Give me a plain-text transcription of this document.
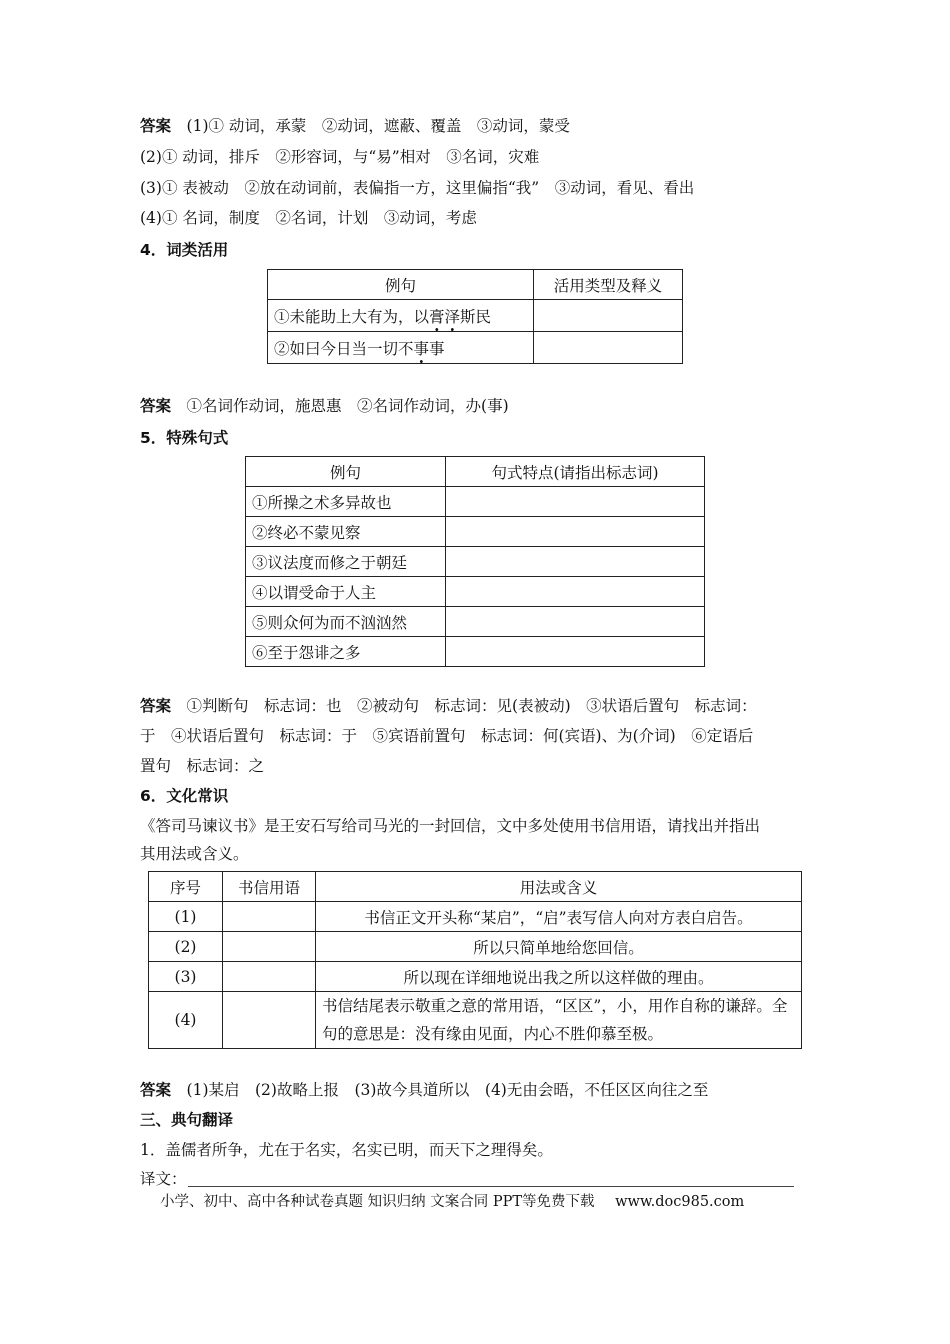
答案　 (1)① 动词，承蒙　②动词，遮蔽、覆盖　③动词，蒙受
(2)① 动词，排斥　②形容词，与“易”相对　③名词，灾难
(3)① 表被动　②放在动词前，表偏指一方，这里偏指“我”　③动词，看见、看出
(4)① 名词，制度　②名词，计划　③动词，考虑
4．词类活用
例句	活用类型及释义
①未能助上大有为，以膏泽斯民	
②如曰今日当一切不事事	
答案　 ①名词作动词，施恩惠　②名词作动词，办(事)
5．特殊句式
例句	句式特点(请指出标志词)
①所操之术多异故也	
②终必不蒙见察	
③议法度而修之于朝廷	
④以谓受命于人主	
⑤则众何为而不汹汹然	
⑥至于怨诽之多	
答案　 ①判断句　标志词：也　②被动句　标志词：见(表被动)　③状语后置句　标志词：
于　④状语后置句　标志词：于　⑤宾语前置句　标志词：何(宾语)、为(介词)　⑥定语后
置句　标志词：之
6．文化常识
《答司马谏议书》是王安石写给司马光的一封回信，文中多处使用书信用语，请找出并指出
其用法或含义。
序号	书信用语	用法或含义
(1)		书信正文开头称“某启”，“启”表写信人向对方表白启告。
(2)		所以只简单地给您回信。
(3)		所以现在详细地说出我之所以这样做的理由。
(4)		书信结尾表示敬重之意的常用语，“区区”，小，用作自称的谦辞。全句的意思是：没有缘由见面，内心不胜仰慕至极。
答案　 (1)某启　(2)故略上报　(3)故今具道所以　(4)无由会晤，不任区区向往之至
三、典句翻译
1．盖儒者所争，尤在于名实，名实已明，而天下之理得矣。
译文：
小学、初中、高中各种试卷真题 知识归纳 文案合同 PPT等免费下载 www.doc985.com
